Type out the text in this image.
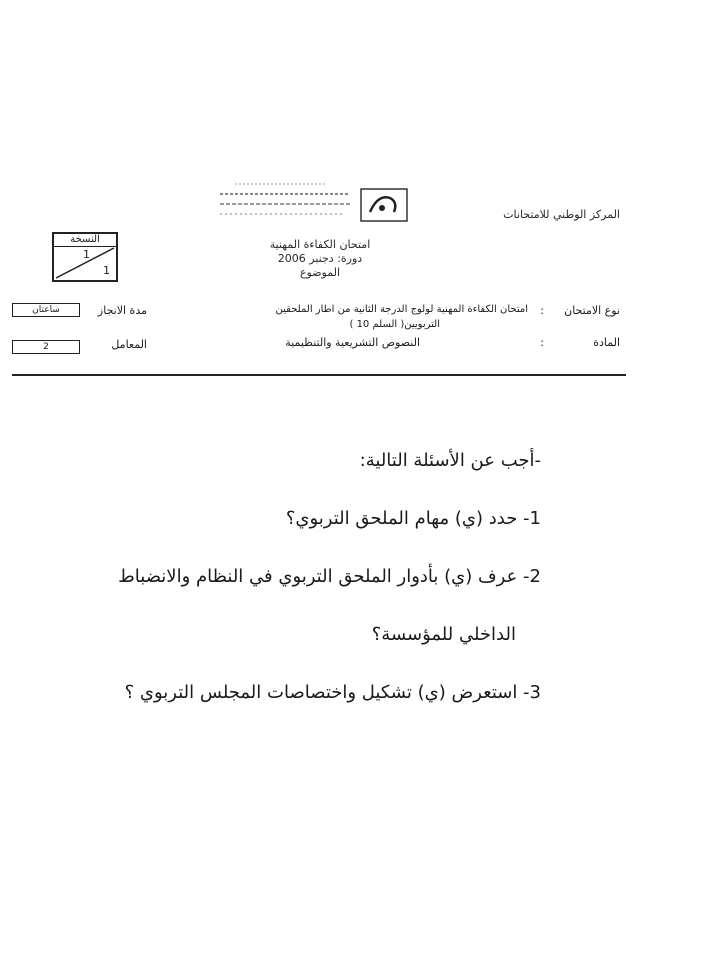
المركز الوطني للامتحانات
امتحان الكفاءة المهنية
دورة: دجنبر 2006
الموضوع
النسخة
1
1
نوع الامتحان
:
امتحان الكفاءة المهنية لولوج الدرجة الثانية من اطار الملحقين
التربويين( السلم 10 )
المادة
:
النصوص التشريعية والتنظيمية
مدة الانجاز
ساعتان
المعامل
2
-أجب عن الأسئلة التالية:
1- حدد (ي) مهام الملحق التربوي؟
2- عرف (ي) بأدوار الملحق التربوي في النظام والانضباط
الداخلي للمؤسسة؟
3- استعرض (ي) تشكيل واختصاصات المجلس التربوي ؟
